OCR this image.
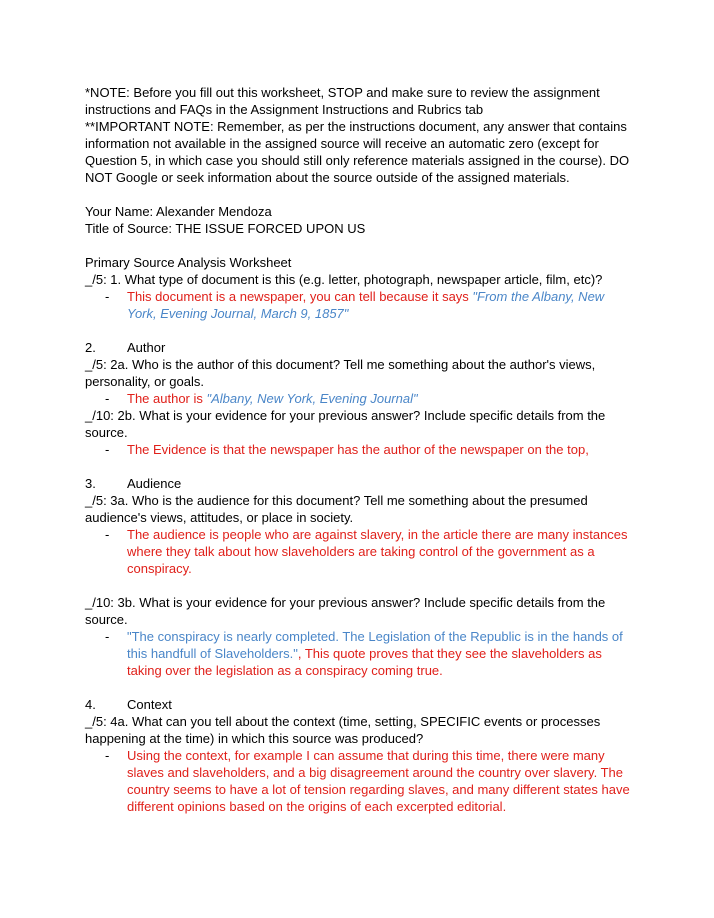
*NOTE: Before you fill out this worksheet, STOP and make sure to review the assignment instructions and FAQs in the Assignment Instructions and Rubrics tab

**IMPORTANT NOTE: Remember, as per the instructions document, any answer that contains information not available in the assigned source will receive an automatic zero (except for Question 5, in which case you should still only reference materials assigned in the course). DO NOT Google or seek information about the source outside of the assigned materials.

Your Name: Alexander Mendoza

Title of Source: THE ISSUE FORCED UPON US

Primary Source Analysis Worksheet

_/5: 1. What type of document is this (e.g. letter, photograph, newspaper article, film, etc)?

- This document is a newspaper, you can tell because it says "From the Albany, New York, Evening Journal, March 9, 1857"

2. Author

_/5: 2a. Who is the author of this document? Tell me something about the author's views, personality, or goals.

- The author is "Albany, New York, Evening Journal"

_/10: 2b. What is your evidence for your previous answer? Include specific details from the source.

- The Evidence is that the newspaper has the author of the newspaper on the top,

3. Audience

_/5: 3a. Who is the audience for this document? Tell me something about the presumed audience's views, attitudes, or place in society.

- The audience is people who are against slavery, in the article there are many instances where they talk about how slaveholders are taking control of the government as a conspiracy.

_/10: 3b. What is your evidence for your previous answer? Include specific details from the source.

- "The conspiracy is nearly completed. The Legislation of the Republic is in the hands of this handfull of Slaveholders.", This quote proves that they see the slaveholders as taking over the legislation as a conspiracy coming true.

4. Context

_/5: 4a. What can you tell about the context (time, setting, SPECIFIC events or processes happening at the time) in which this source was produced?

- Using the context, for example I can assume that during this time, there were many slaves and slaveholders, and a big disagreement around the country over slavery. The country seems to have a lot of tension regarding slaves, and many different states have different opinions based on the origins of each excerpted editorial.
